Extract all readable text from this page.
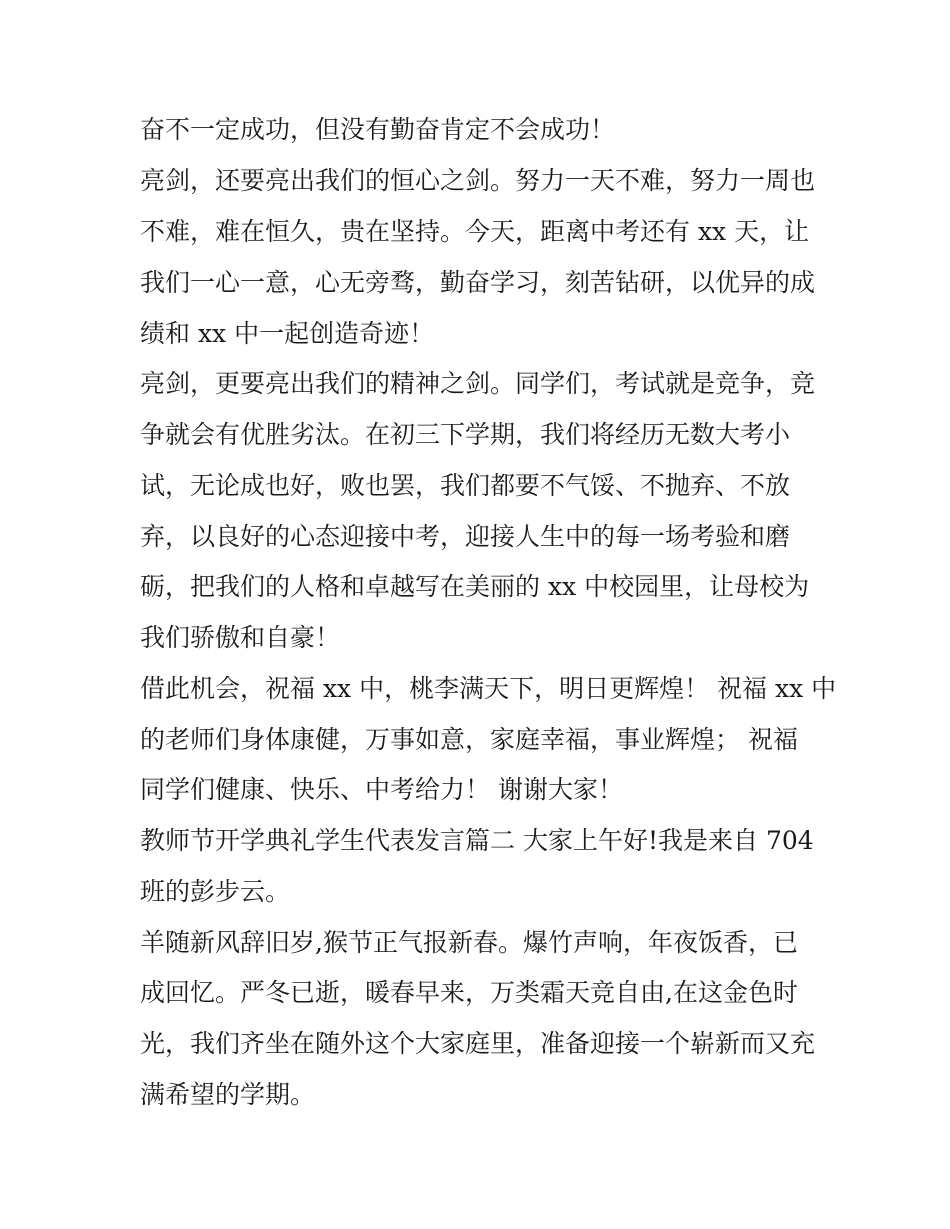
奋不一定成功，但没有勤奋肯定不会成功！
亮剑，还要亮出我们的恒心之剑。努力一天不难，努力一周也
不难，难在恒久，贵在坚持。今天，距离中考还有 xx 天，让
我们一心一意，心无旁骛，勤奋学习，刻苦钻研，以优异的成
绩和 xx 中一起创造奇迹！
亮剑，更要亮出我们的精神之剑。同学们，考试就是竞争，竞
争就会有优胜劣汰。在初三下学期，我们将经历无数大考小
试，无论成也好，败也罢，我们都要不气馁、不抛弃、不放
弃，以良好的心态迎接中考，迎接人生中的每一场考验和磨
砺，把我们的人格和卓越写在美丽的 xx 中校园里，让母校为
我们骄傲和自豪！
借此机会，祝福 xx 中，桃李满天下，明日更辉煌！ 祝福 xx 中
的老师们身体康健，万事如意，家庭幸福，事业辉煌； 祝福
同学们健康、快乐、中考给力！ 谢谢大家！
教师节开学典礼学生代表发言篇二 大家上午好!我是来自 704
班的彭步云。
羊随新风辞旧岁,猴节正气报新春。爆竹声响，年夜饭香，已
成回忆。严冬已逝，暖春早来，万类霜天竞自由,在这金色时
光，我们齐坐在随外这个大家庭里，准备迎接一个崭新而又充
满希望的学期。
